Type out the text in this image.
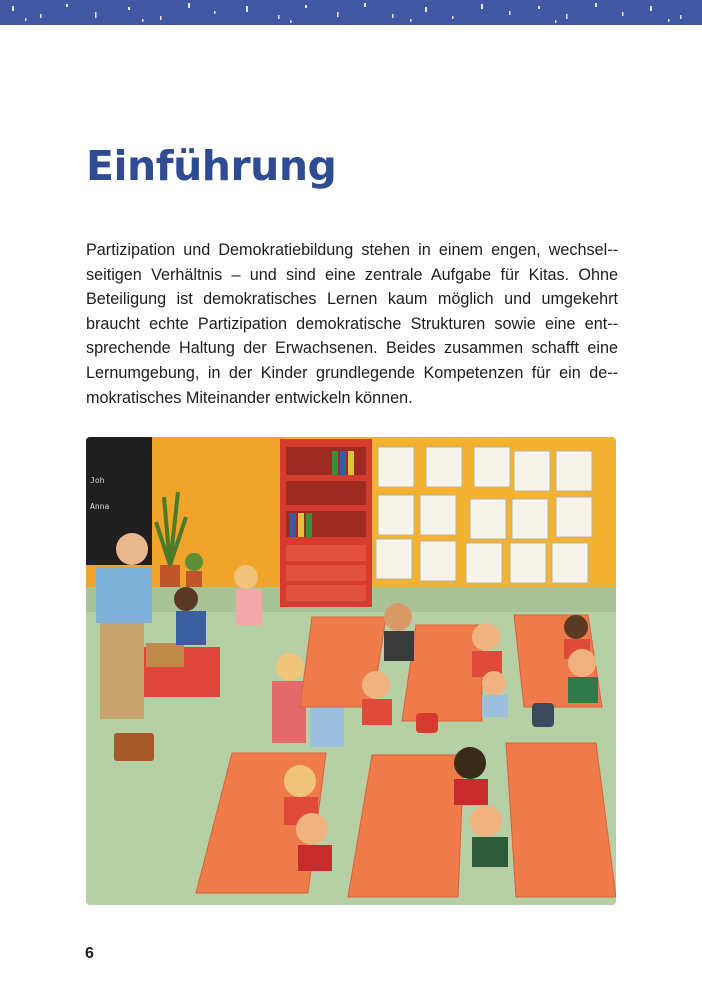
Einführung

Partizipation und Demokratiebildung stehen in einem engen, wechsel-seitigen Verhältnis – und sind eine zentrale Aufgabe für Kitas. Ohne Beteiligung ist demokratisches Lernen kaum möglich und umgekehrt braucht echte Partizipation demokratische Strukturen sowie eine ent-sprechende Haltung der Erwachsenen. Beides zusammen schafft eine Lernumgebung, in der Kinder grundlegende Kompetenzen für ein de-mokratisches Miteinander entwickeln können.

Joh
Anna
6
